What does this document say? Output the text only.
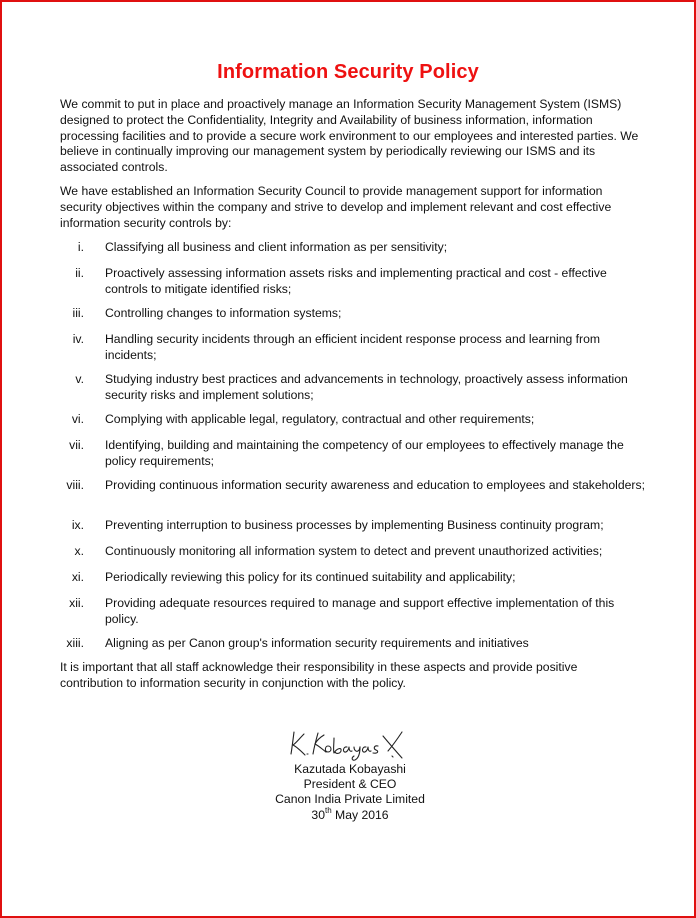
Information Security Policy

We commit to put in place and proactively manage an Information Security Management System (ISMS) designed to protect the Confidentiality, Integrity and Availability of business information, information processing facilities and to provide a secure work environment to our employees and interested parties. We believe in continually improving our management system by periodically reviewing our ISMS and its associated controls.

We have established an Information Security Council to provide management support for information security objectives within the company and strive to develop and implement relevant and cost effective information security controls by:

i. Classifying all business and client information as per sensitivity;
ii. Proactively assessing information assets risks and implementing practical and cost - effective controls to mitigate identified risks;
iii. Controlling changes to information systems;
iv. Handling security incidents through an efficient incident response process and learning from incidents;
v. Studying industry best practices and advancements in technology, proactively assess information security risks and implement solutions;
vi. Complying with applicable legal, regulatory, contractual and other requirements;
vii. Identifying, building and maintaining the competency of our employees to effectively manage the policy requirements;
viii. Providing continuous information security awareness and education to employees and stakeholders;
ix. Preventing interruption to business processes by implementing Business continuity program;
x. Continuously monitoring all information system to detect and prevent unauthorized activities;
xi. Periodically reviewing this policy for its continued suitability and applicability;
xii. Providing adequate resources required to manage and support effective implementation of this policy.
xiii. Aligning as per Canon group's information security requirements and initiatives

It is important that all staff acknowledge their responsibility in these aspects and provide positive contribution to information security in conjunction with the policy.

Kazutada Kobayashi
President & CEO
Canon India Private Limited
30th May 2016
